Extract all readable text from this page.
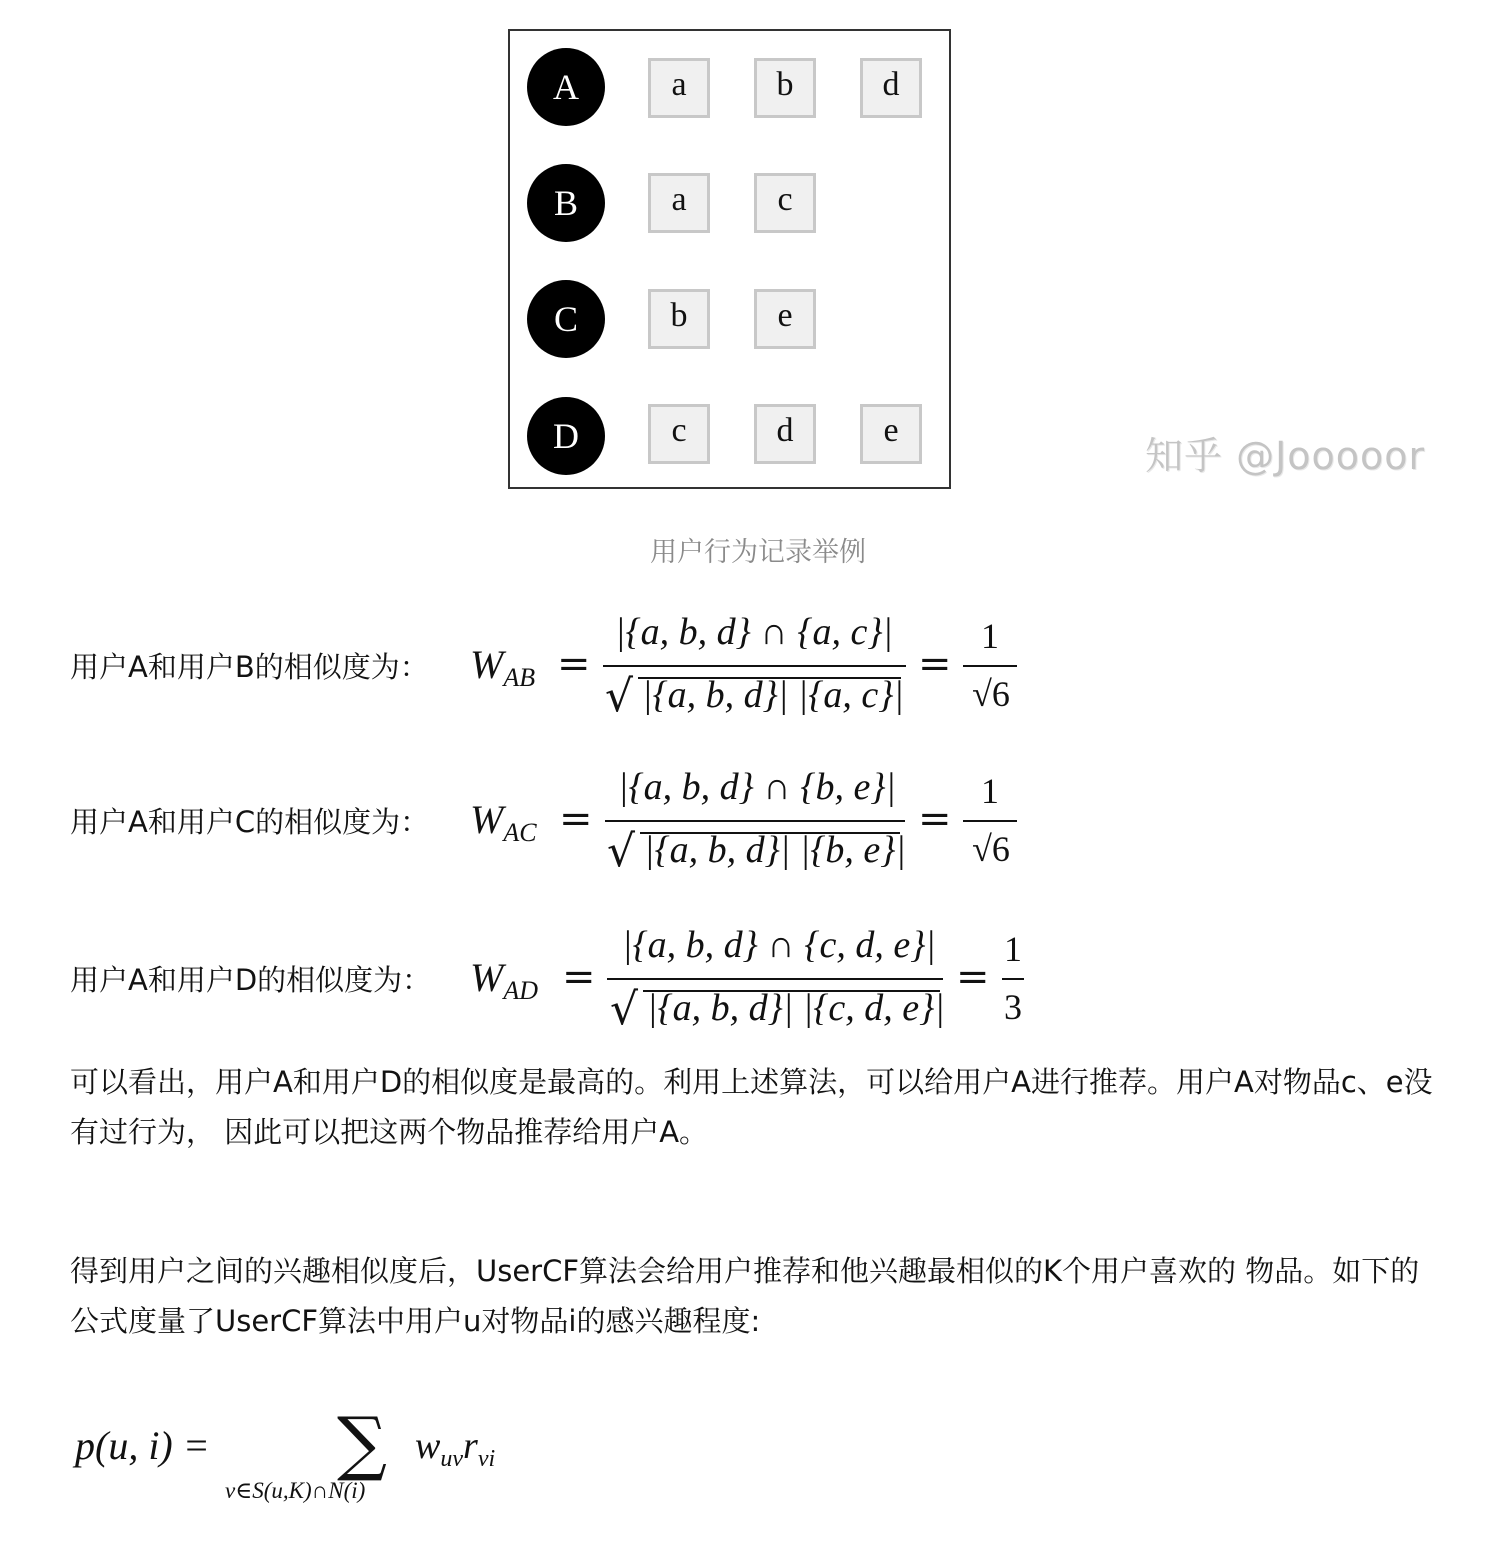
A	a	b	d
B	a	c
C	b	e
D	c	d	e
知乎 @Jooooor
用户行为记录举例
用户A和用户B的相似度为： $W_{AB}$ =
|{a, b, d} ∩ {a, c}|
√ |{a, b, d}| |{a, c}|
=
1
√6
用户A和用户C的相似度为： $W_{AC}$ =
|{a, b, d} ∩ {b, e}|
√ |{a, b, d}| |{b, e}|
=
1
√6
用户A和用户D的相似度为： $W_{AD}$ =
|{a, b, d} ∩ {c, d, e}|
√ |{a, b, d}| |{c, d, e}|
=
1
3

可以看出，用户A和用户D的相似度是最高的。利用上述算法，可以给用户A进行推荐。用户A对物品c、e没有过行为， 因此可以把这两个物品推荐给用户A。

得到用户之间的兴趣相似度后，UserCF算法会给用户推荐和他兴趣最相似的K个用户喜欢的 物品。如下的公式度量了UserCF算法中用户u对物品i的感兴趣程度:

p(u, i) = ∑
v∈S(u,K)∩N(i)
$w_{uv}r_{vi}$
